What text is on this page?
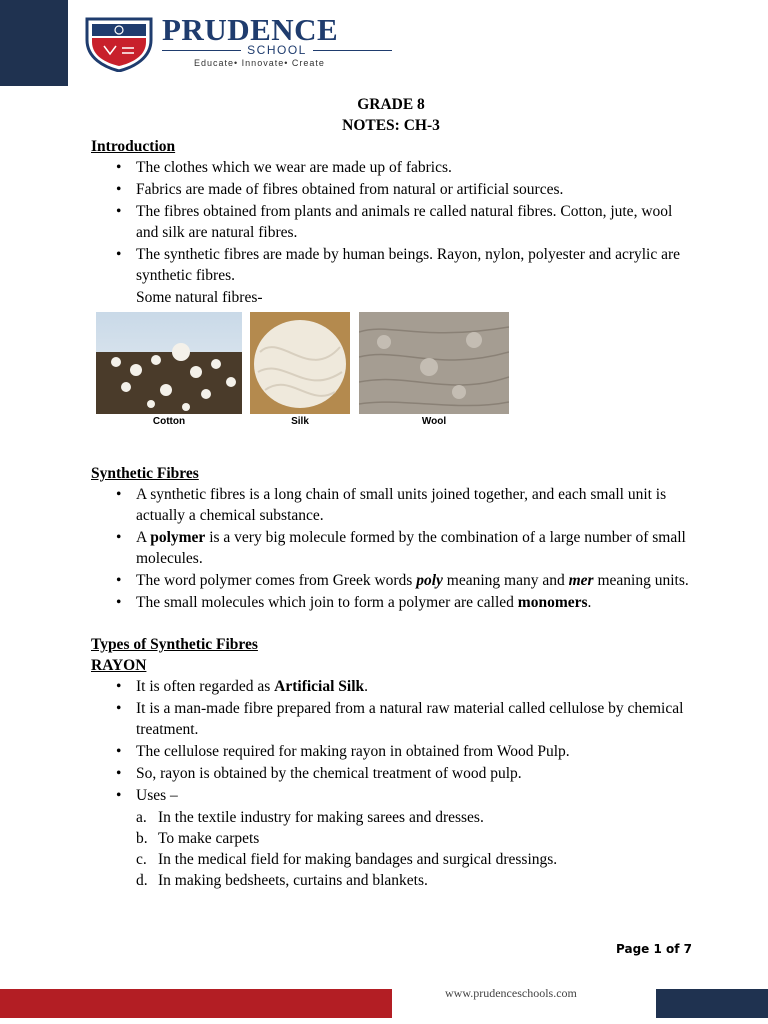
PRUDENCE
SCHOOL
Educate• Innovate• Create
GRADE 8
NOTES: CH-3
Introduction
• The clothes which we wear are made up of fabrics.
• Fabrics are made of fibres obtained from natural or artificial sources.
• The fibres obtained from plants and animals re called natural fibres. Cotton, jute, wool and silk are natural fibres.
• The synthetic fibres are made by human beings. Rayon, nylon, polyester and acrylic are synthetic fibres.
Some natural fibres-
Synthetic Fibres
• A synthetic fibres is a long chain of small units joined together, and each small unit is actually a chemical substance.
• A polymer is a very big molecule formed by the combination of a large number of small molecules.
• The word polymer comes from Greek words poly meaning many and mer meaning units.
• The small molecules which join to form a polymer are called monomers.
Types of Synthetic Fibres
RAYON
• It is often regarded as Artificial Silk.
• It is a man-made fibre prepared from a natural raw material called cellulose by chemical treatment.
• The cellulose required for making rayon in obtained from Wood Pulp.
• So, rayon is obtained by the chemical treatment of wood pulp.
• Uses –
a. In the textile industry for making sarees and dresses.
b. To make carpets
c. In the medical field for making bandages and surgical dressings.
d. In making bedsheets, curtains and blankets.
Cotton	Silk	Wool
Page 1 of 7
www.prudenceschools.com
